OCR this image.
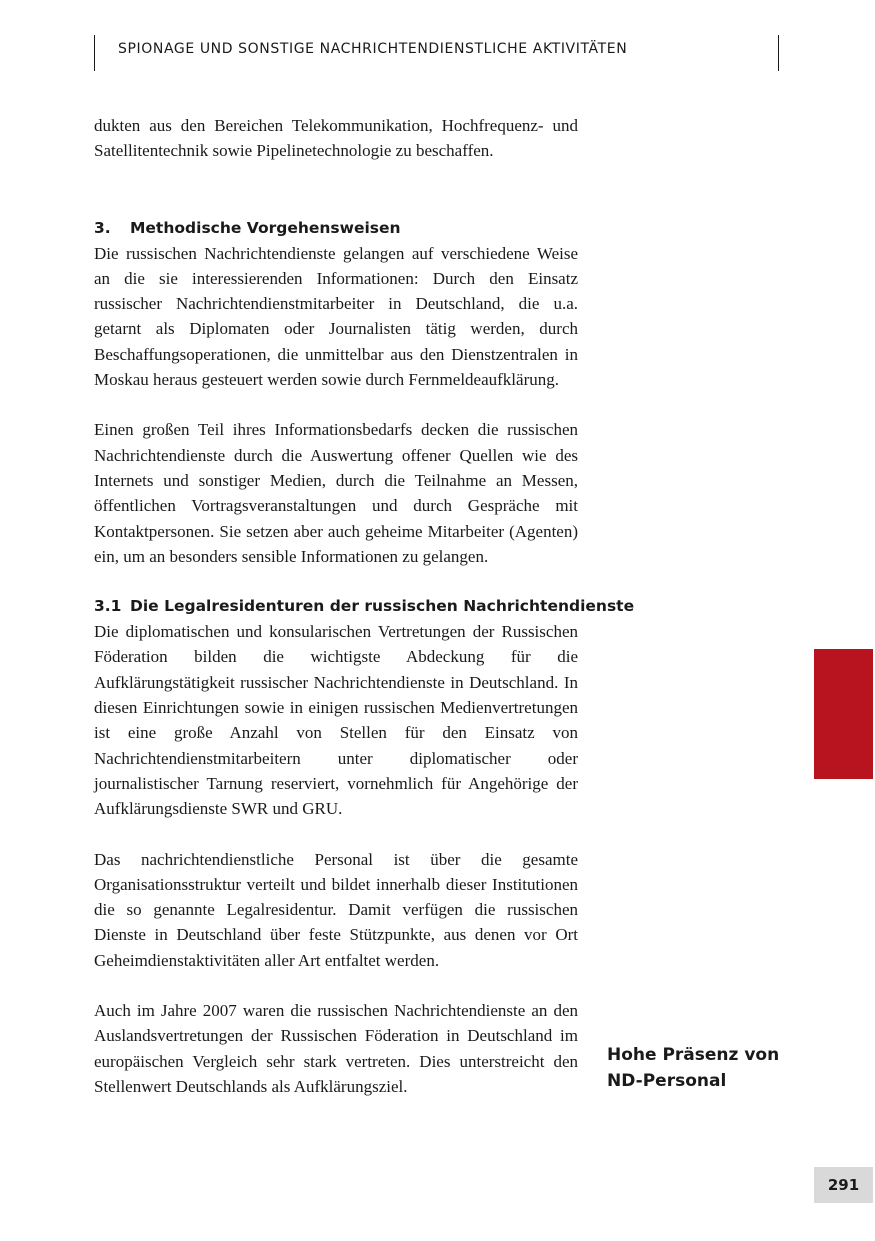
SPIONAGE UND SONSTIGE NACHRICHTENDIENSTLICHE AKTIVITÄTEN

dukten aus den Bereichen Telekommunikation, Hochfrequenz- und Satellitentechnik sowie Pipelinetechnologie zu beschaffen.

3. Methodische Vorgehensweisen

Die russischen Nachrichtendienste gelangen auf verschiedene Weise an die sie interessierenden Informationen: Durch den Einsatz russischer Nachrichtendienstmitarbeiter in Deutschland, die u.a. getarnt als Diplomaten oder Journalisten tätig werden, durch Beschaffungsoperationen, die unmittelbar aus den Dienstzentralen in Moskau heraus gesteuert werden sowie durch Fernmeldeaufklärung.

Einen großen Teil ihres Informationsbedarfs decken die russischen Nachrichtendienste durch die Auswertung offener Quellen wie des Internets und sonstiger Medien, durch die Teilnahme an Messen, öffentlichen Vortragsveranstaltungen und durch Gespräche mit Kontaktpersonen. Sie setzen aber auch geheime Mitarbeiter (Agenten) ein, um an besonders sensible Informationen zu gelangen.

3.1 Die Legalresidenturen der russischen Nachrichtendienste

Die diplomatischen und konsularischen Vertretungen der Russischen Föderation bilden die wichtigste Abdeckung für die Aufklärungstätigkeit russischer Nachrichtendienste in Deutschland. In diesen Einrichtungen sowie in einigen russischen Medienvertretungen ist eine große Anzahl von Stellen für den Einsatz von Nachrichtendienstmitarbeitern unter diplomatischer oder journalistischer Tarnung reserviert, vornehmlich für Angehörige der Aufklärungsdienste SWR und GRU.

Das nachrichtendienstliche Personal ist über die gesamte Organisationsstruktur verteilt und bildet innerhalb dieser Institutionen die so genannte Legalresidentur. Damit verfügen die russischen Dienste in Deutschland über feste Stützpunkte, aus denen vor Ort Geheimdienstaktivitäten aller Art entfaltet werden.

Auch im Jahre 2007 waren die russischen Nachrichtendienste an den Auslandsvertretungen der Russischen Föderation in Deutschland im europäischen Vergleich sehr stark vertreten. Dies unterstreicht den Stellenwert Deutschlands als Aufklärungsziel.

Hohe Präsenz von
ND-Personal
291
